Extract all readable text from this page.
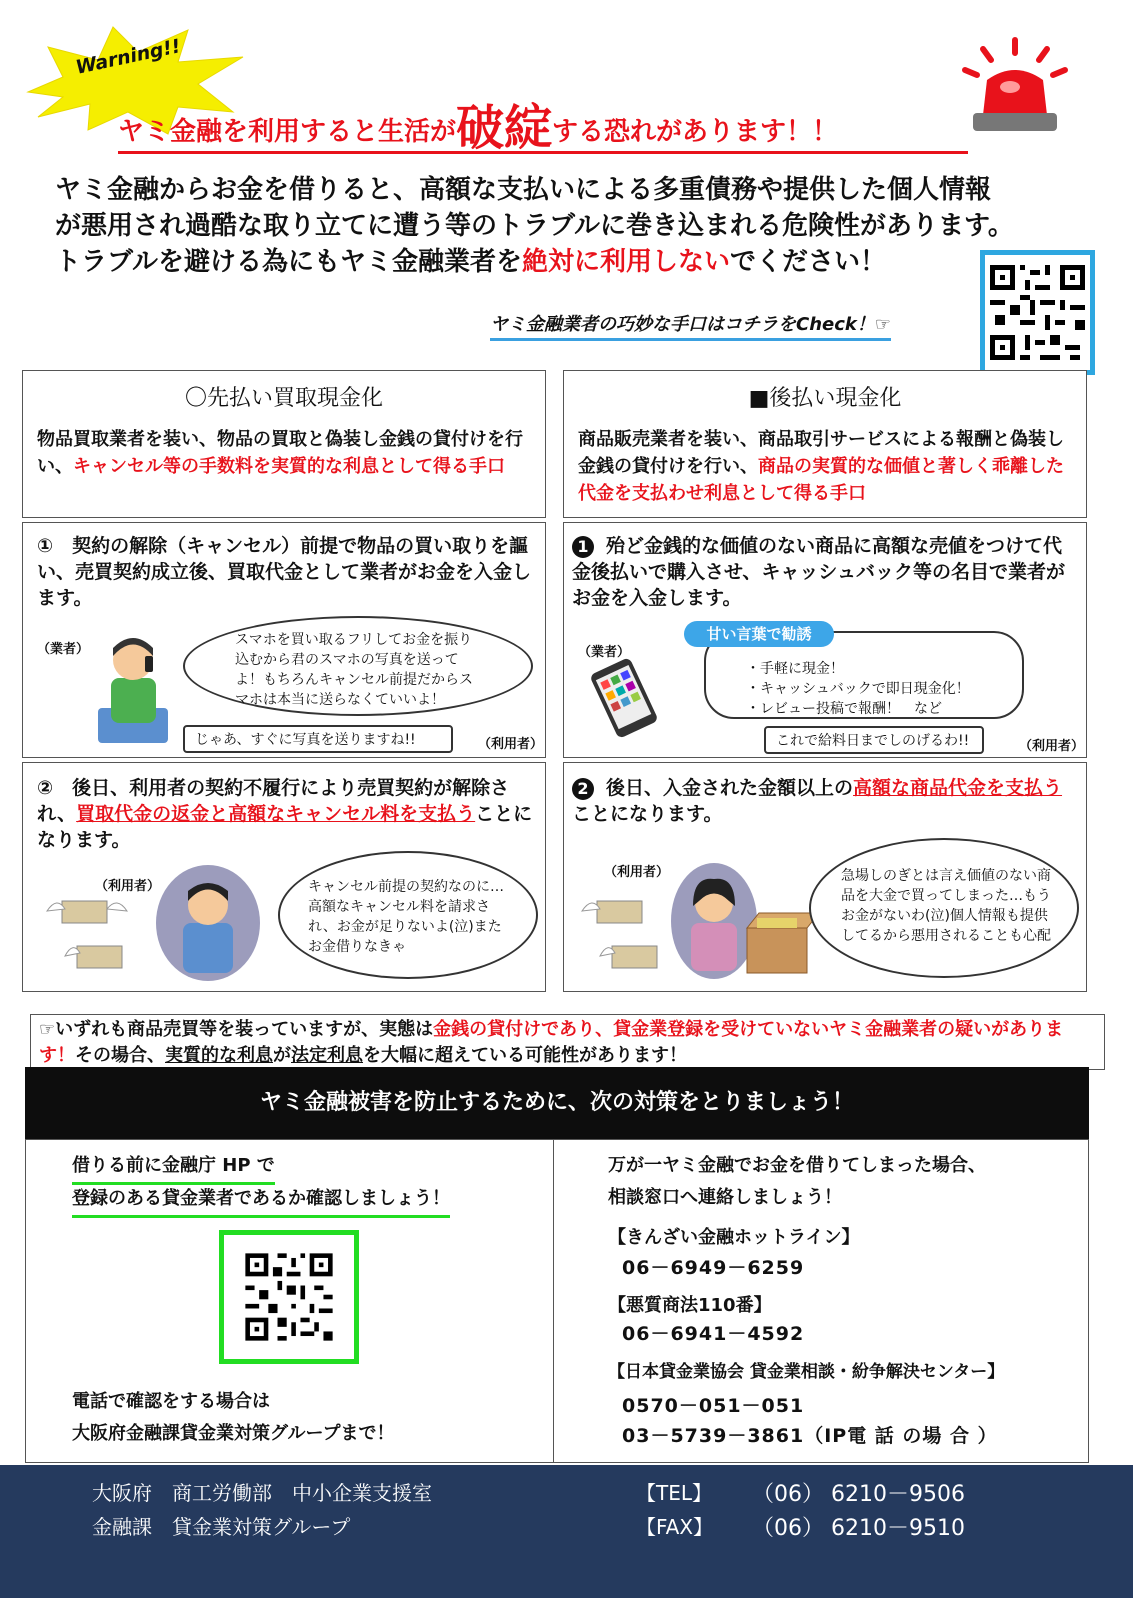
Warning!!
ヤミ金融を利用すると生活が破綻する恐れがあります！！
ヤミ金融からお金を借りると、高額な支払いによる多重債務や提供した個人情報
が悪用され過酷な取り立てに遭う等のトラブルに巻き込まれる危険性があります。
トラブルを避ける為にもヤミ金融業者を絶対に利用しないでください！
ヤミ金融業者の巧妙な手口はコチラをCheck！☞
〇先払い買取現金化
物品買取業者を装い、物品の買取と偽装し金銭の貸付けを行い、キャンセル等の手数料を実質的な利息として得る手口
■後払い現金化
商品販売業者を装い、商品取引サービスによる報酬と偽装し金銭の貸付けを行い、商品の実質的な価値と著しく乖離した代金を支払わせ利息として得る手口
①　契約の解除（キャンセル）前提で物品の買い取りを謳い、売買契約成立後、買取代金として業者がお金を入金します。
（業者）
スマホを買い取るフリしてお金を振り込むから君のスマホの写真を送ってよ！もちろんキャンセル前提だからスマホは本当に送らなくていいよ！
じゃあ、すぐに写真を送りますね!!	（利用者）
1 殆ど金銭的な価値のない商品に高額な売値をつけて代金後払いで購入させ、キャッシュバック等の名目で業者がお金を入金します。
（業者）
・手軽に現金！
・キャッシュバックで即日現金化！
・レビュー投稿で報酬！　など
甘い言葉で勧誘
これで給料日までしのげるわ!!	（利用者）
②　後日、利用者の契約不履行により売買契約が解除され、買取代金の返金と高額なキャンセル料を支払うことになります。
（利用者）	キャンセル前提の契約なのに…高額なキャンセル料を請求され、お金が足りないよ(泣)またお金借りなきゃ
2 後日、入金された金額以上の高額な商品代金を支払うことになります。
（利用者）	急場しのぎとは言え価値のない商品を大金で買ってしまった…もうお金がないわ(泣)個人情報も提供してるから悪用されることも心配
☞いずれも商品売買等を装っていますが、実態は金銭の貸付けであり、貸金業登録を受けていないヤミ金融業者の疑いがあります！その場合、実質的な利息が法定利息を大幅に超えている可能性があります！
ヤミ金融被害を防止するために、次の対策をとりましょう！
借りる前に金融庁 HP で
登録のある貸金業者であるか確認しましょう！
電話で確認をする場合は
大阪府金融課貸金業対策グループまで！
万が一ヤミ金融でお金を借りてしまった場合、
相談窓口へ連絡しましょう！
【きんざい金融ホットライン】
06－6949－6259
【悪質商法110番】
06－6941－4592
【日本貸金業協会 貸金業相談・紛争解決センター】
0570－051－051
03－5739－3861（IP電 話 の場 合 ）
大阪府　商工労働部　中小企業支援室
金融課　貸金業対策グループ
【TEL】 （06） 6210－9506
【FAX】 （06） 6210－9510
